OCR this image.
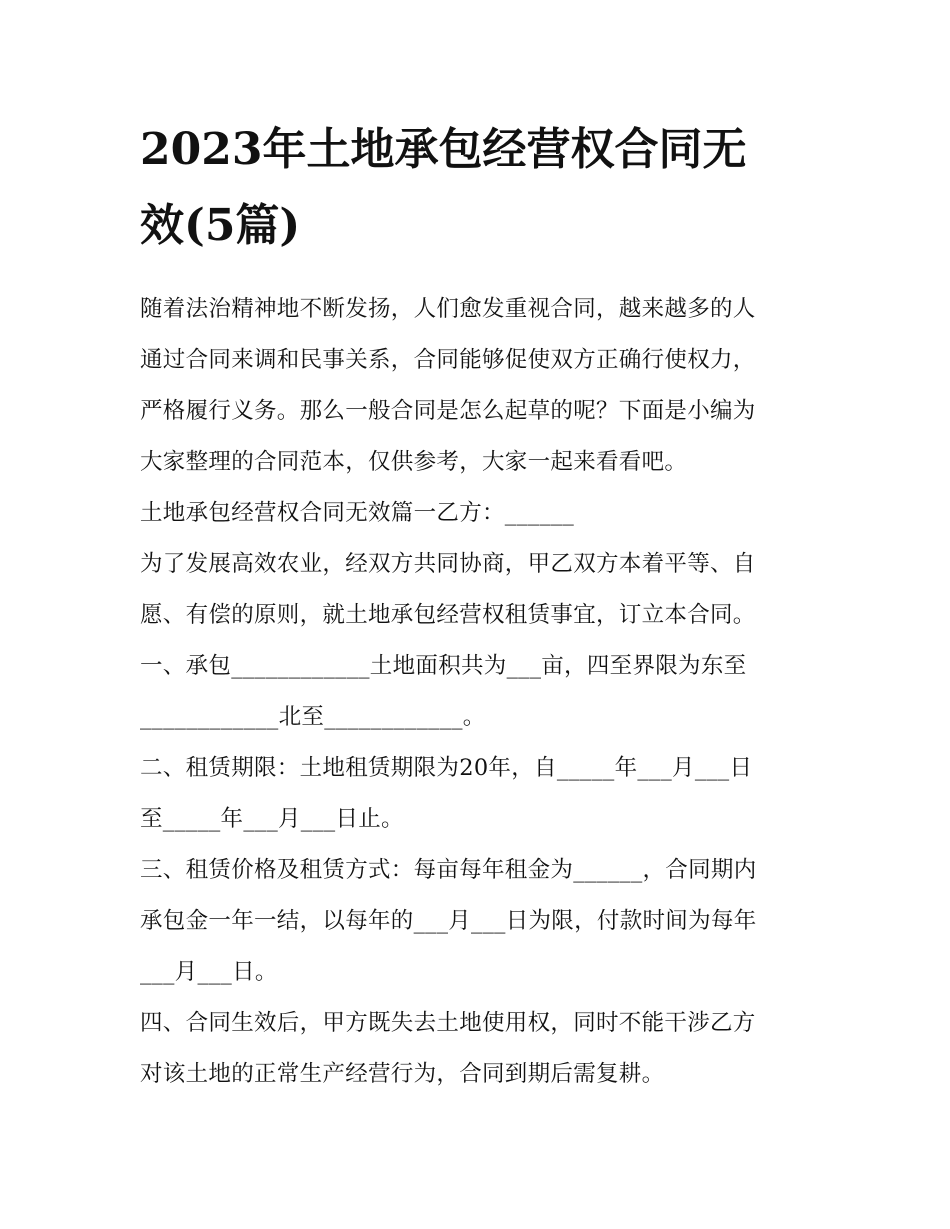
2023年土地承包经营权合同无
效(5篇)

随着法治精神地不断发扬，人们愈发重视合同，越来越多的人

通过合同来调和民事关系，合同能够促使双方正确行使权力，

严格履行义务。那么一般合同是怎么起草的呢？下面是小编为

大家整理的合同范本，仅供参考，大家一起来看看吧。

土地承包经营权合同无效篇一乙方：______

为了发展高效农业，经双方共同协商，甲乙双方本着平等、自

愿、有偿的原则，就土地承包经营权租赁事宜，订立本合同。

一、承包____________土地面积共为___亩，四至界限为东至

____________北至____________。

二、租赁期限：土地租赁期限为20年，自_____年___月___日

至_____年___月___日止。

三、租赁价格及租赁方式：每亩每年租金为______，合同期内

承包金一年一结，以每年的___月___日为限，付款时间为每年

___月___日。

四、合同生效后，甲方既失去土地使用权，同时不能干涉乙方

对该土地的正常生产经营行为，合同到期后需复耕。
